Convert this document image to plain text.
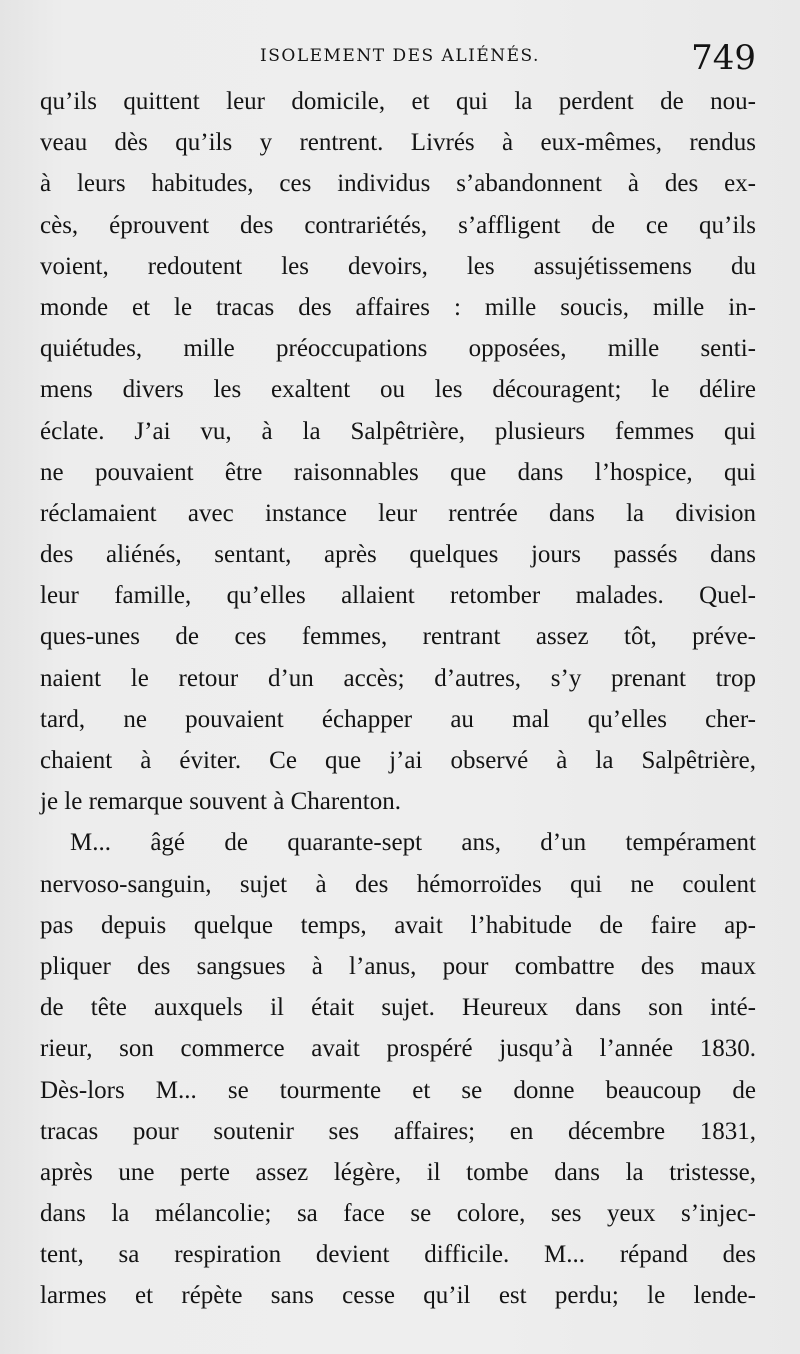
ISOLEMENT DES ALIÉNÉS.	749
qu’ils quittent leur domicile, et qui la perdent de nou-
veau dès qu’ils y rentrent. Livrés à eux-mêmes, rendus
à leurs habitudes, ces individus s’abandonnent à des ex-
cès, éprouvent des contrariétés, s’affligent de ce qu’ils
voient, redoutent les devoirs, les assujétissemens du
monde et le tracas des affaires : mille soucis, mille in-
quiétudes, mille préoccupations opposées, mille senti-
mens divers les exaltent ou les découragent; le délire
éclate. J’ai vu, à la Salpêtrière, plusieurs femmes qui
ne pouvaient être raisonnables que dans l’hospice, qui
réclamaient avec instance leur rentrée dans la division
des aliénés, sentant, après quelques jours passés dans
leur famille, qu’elles allaient retomber malades. Quel-
ques-unes de ces femmes, rentrant assez tôt, préve-
naient le retour d’un accès; d’autres, s’y prenant trop
tard, ne pouvaient échapper au mal qu’elles cher-
chaient à éviter. Ce que j’ai observé à la Salpêtrière,
je le remarque souvent à Charenton.
M... âgé de quarante-sept ans, d’un tempérament
nervoso-sanguin, sujet à des hémorroïdes qui ne coulent
pas depuis quelque temps, avait l’habitude de faire ap-
pliquer des sangsues à l’anus, pour combattre des maux
de tête auxquels il était sujet. Heureux dans son inté-
rieur, son commerce avait prospéré jusqu’à l’année 1830.
Dès-lors M... se tourmente et se donne beaucoup de
tracas pour soutenir ses affaires; en décembre 1831,
après une perte assez légère, il tombe dans la tristesse,
dans la mélancolie; sa face se colore, ses yeux s’injec-
tent, sa respiration devient difficile. M... répand des
larmes et répète sans cesse qu’il est perdu; le lende-
